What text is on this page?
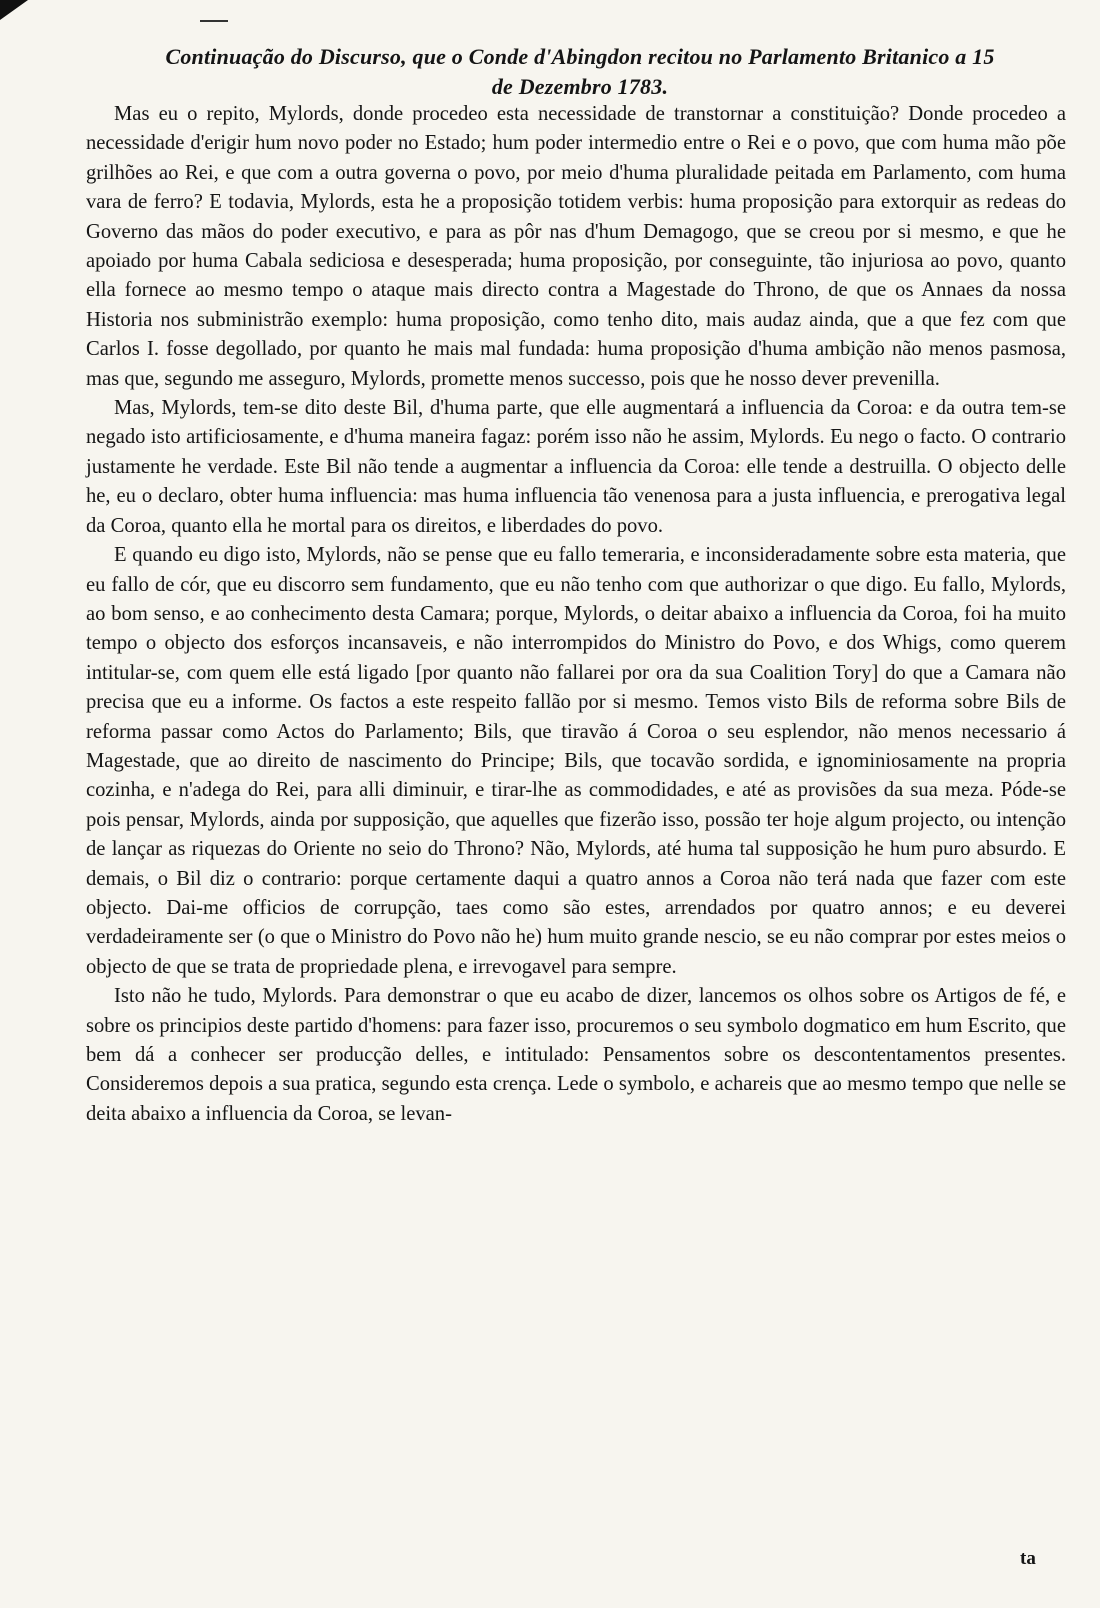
Continuação do Discurso, que o Conde d'Abingdon recitou no Parlamento Britanico a 15
de Dezembro 1783.

Mas eu o repito, Mylords, donde procedeo esta necessidade de transtornar a constituição? Donde procedeo a necessidade d'erigir hum novo poder no Estado; hum poder intermedio entre o Rei e o povo, que com huma mão põe grilhões ao Rei, e que com a outra governa o povo, por meio d'huma pluralidade peitada em Parlamento, com huma vara de ferro? E todavia, Mylords, esta he a proposição totidem verbis: huma proposição para extorquir as redeas do Governo das mãos do poder executivo, e para as pôr nas d'hum Demagogo, que se creou por si mesmo, e que he apoiado por huma Cabala sediciosa e desesperada; huma proposição, por conseguinte, tão injuriosa ao povo, quanto ella fornece ao mesmo tempo o ataque mais directo contra a Magestade do Throno, de que os Annaes da nossa Historia nos subministrão exemplo: huma proposição, como tenho dito, mais audaz ainda, que a que fez com que Carlos I. fosse degollado, por quanto he mais mal fundada: huma proposição d'huma ambição não menos pasmosa, mas que, segundo me asseguro, Mylords, promette menos successo, pois que he nosso dever prevenilla.

Mas, Mylords, tem-se dito deste Bil, d'huma parte, que elle augmentará a influencia da Coroa: e da outra tem-se negado isto artificiosamente, e d'huma maneira fagaz: porém isso não he assim, Mylords. Eu nego o facto. O contrario justamente he verdade. Este Bil não tende a augmentar a influencia da Coroa: elle tende a destruilla. O objecto delle he, eu o declaro, obter huma influencia: mas huma influencia tão venenosa para a justa influencia, e prerogativa legal da Coroa, quanto ella he mortal para os direitos, e liberdades do povo.

E quando eu digo isto, Mylords, não se pense que eu fallo temeraria, e inconsideradamente sobre esta materia, que eu fallo de cór, que eu discorro sem fundamento, que eu não tenho com que authorizar o que digo. Eu fallo, Mylords, ao bom senso, e ao conhecimento desta Camara; porque, Mylords, o deitar abaixo a influencia da Coroa, foi ha muito tempo o objecto dos esforços incansaveis, e não interrompidos do Ministro do Povo, e dos Whigs, como querem intitular-se, com quem elle está ligado [por quanto não fallarei por ora da sua Coalition Tory] do que a Camara não precisa que eu a informe. Os factos a este respeito fallão por si mesmo. Temos visto Bils de reforma sobre Bils de reforma passar como Actos do Parlamento; Bils, que tiravão á Coroa o seu esplendor, não menos necessario á Magestade, que ao direito de nascimento do Principe; Bils, que tocavão sordida, e ignominiosamente na propria cozinha, e n'adega do Rei, para alli diminuir, e tirar-lhe as commodidades, e até as provisões da sua meza. Póde-se pois pensar, Mylords, ainda por supposição, que aquelles que fizerão isso, possão ter hoje algum projecto, ou intenção de lançar as riquezas do Oriente no seio do Throno? Não, Mylords, até huma tal supposição he hum puro absurdo. E demais, o Bil diz o contrario: porque certamente daqui a quatro annos a Coroa não terá nada que fazer com este objecto. Dai-me officios de corrupção, taes como são estes, arrendados por quatro annos; e eu deverei verdadeiramente ser (o que o Ministro do Povo não he) hum muito grande nescio, se eu não comprar por estes meios o objecto de que se trata de propriedade plena, e irrevogavel para sempre.

Isto não he tudo, Mylords. Para demonstrar o que eu acabo de dizer, lancemos os olhos sobre os Artigos de fé, e sobre os principios deste partido d'homens: para fazer isso, procuremos o seu symbolo dogmatico em hum Escrito, que bem dá a conhecer ser producção delles, e intitulado: Pensamentos sobre os descontentamentos presentes. Consideremos depois a sua pratica, segundo esta crença. Lede o symbolo, e achareis que ao mesmo tempo que nelle se deita abaixo a influencia da Coroa, se levan-

ta
